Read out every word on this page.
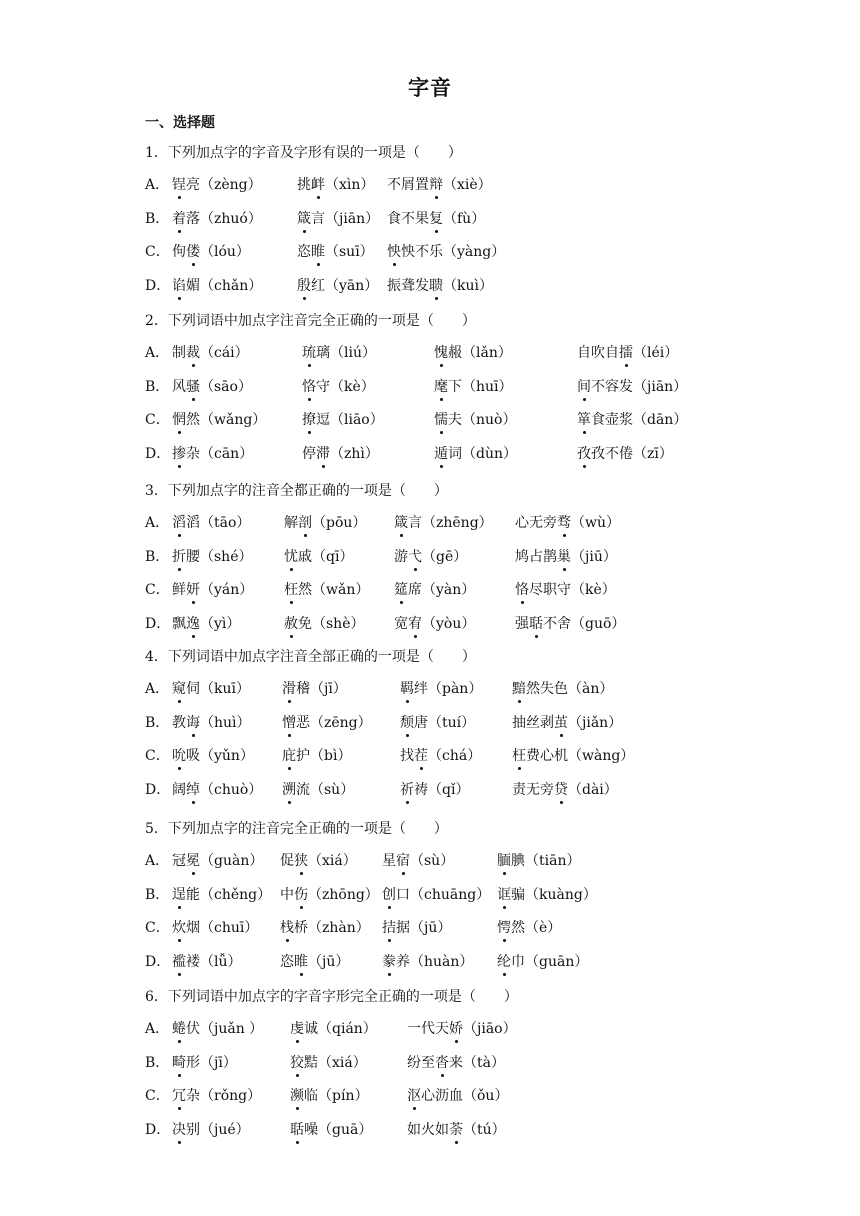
字音
一、选择题
1．下列加点字的字音及字形有误的一项是（　　）
A． 锃亮（zèng）	挑衅（xìn） 不屑置辩（xiè）
B． 着落（zhuó）	箴言（jiān） 食不果复（fù）
C． 佝偻（lóu）	恣睢（suī） 怏怏不乐（yàng）
D． 谄媚（chǎn） 殷红（yān） 振聋发聩（kuì）
2．下列词语中加点字注音完全正确的一项是（　　）
A． 制裁（cái）	琉璃（liú）	愧赧（lǎn）	自吹自擂（léi）
B． 风骚（sāo）	恪守（kè）	麾下（huī）	间不容发（jiān）
C． 惘然（wǎng）	撩逗（liāo）	懦夫（nuò）	箪食壶浆（dān）
D． 掺杂（cān）	停滞（zhì）	遁词（dùn）	孜孜不倦（zī）
3．下列加点字的注音全都正确的一项是（　　）
A． 滔滔（tāo） 解剖（pōu） 箴言（zhēng） 心无旁骛（wù）
B． 折腰（shé） 忧戚（qī）	游弋（gē）	鸠占鹊巢（jiū）
C． 鲜妍（yán） 枉然（wǎn） 筵席（yàn）	恪尽职守（kè）
D． 飘逸（yì）	赦免（shè） 宽宥（yòu）	强聒不舍（guō）
4．下列词语中加点字注音全部正确的一项是（　　）
A． 窥伺（kuī） 滑稽（jī）	羁绊（pàn） 黯然失色（àn）
B． 教诲（huì） 憎恶（zēng） 颓唐（tuí）	抽丝剥茧（jiǎn）
C． 吮吸（yǔn） 庇护（bì）	找茬（chá） 枉费心机（wàng）
D． 阔绰（chuò） 溯流（sù）	祈祷（qǐ）	责无旁贷（dài）
5．下列加点字的注音完全正确的一项是（　　）
A． 冠冕（guàn） 促狭（xiá） 星宿（sù）	腼腆（tiān）
B． 逞能（chěng） 中伤（zhōng） 创口（chuāng） 诓骗（kuàng）
C． 炊烟（chuī） 栈桥（zhàn） 拮据（jū）	愕然（è）
D． 褴褛（lǚ）	恣睢（jū） 豢养（huàn） 纶巾（guān）
6．下列词语中加点字的字音字形完全正确的一项是（　　）
A． 蜷伏（juǎn ） 虔诚（qián） 一代天娇（jiāo）
B． 畸形（jī）	狡黠（xiá）	纷至沓来（tà）
C． 冗杂（rǒng） 濒临（pín）	沤心沥血（ǒu）
D． 决别（jué）	聒噪（guā） 如火如荼（tú）
